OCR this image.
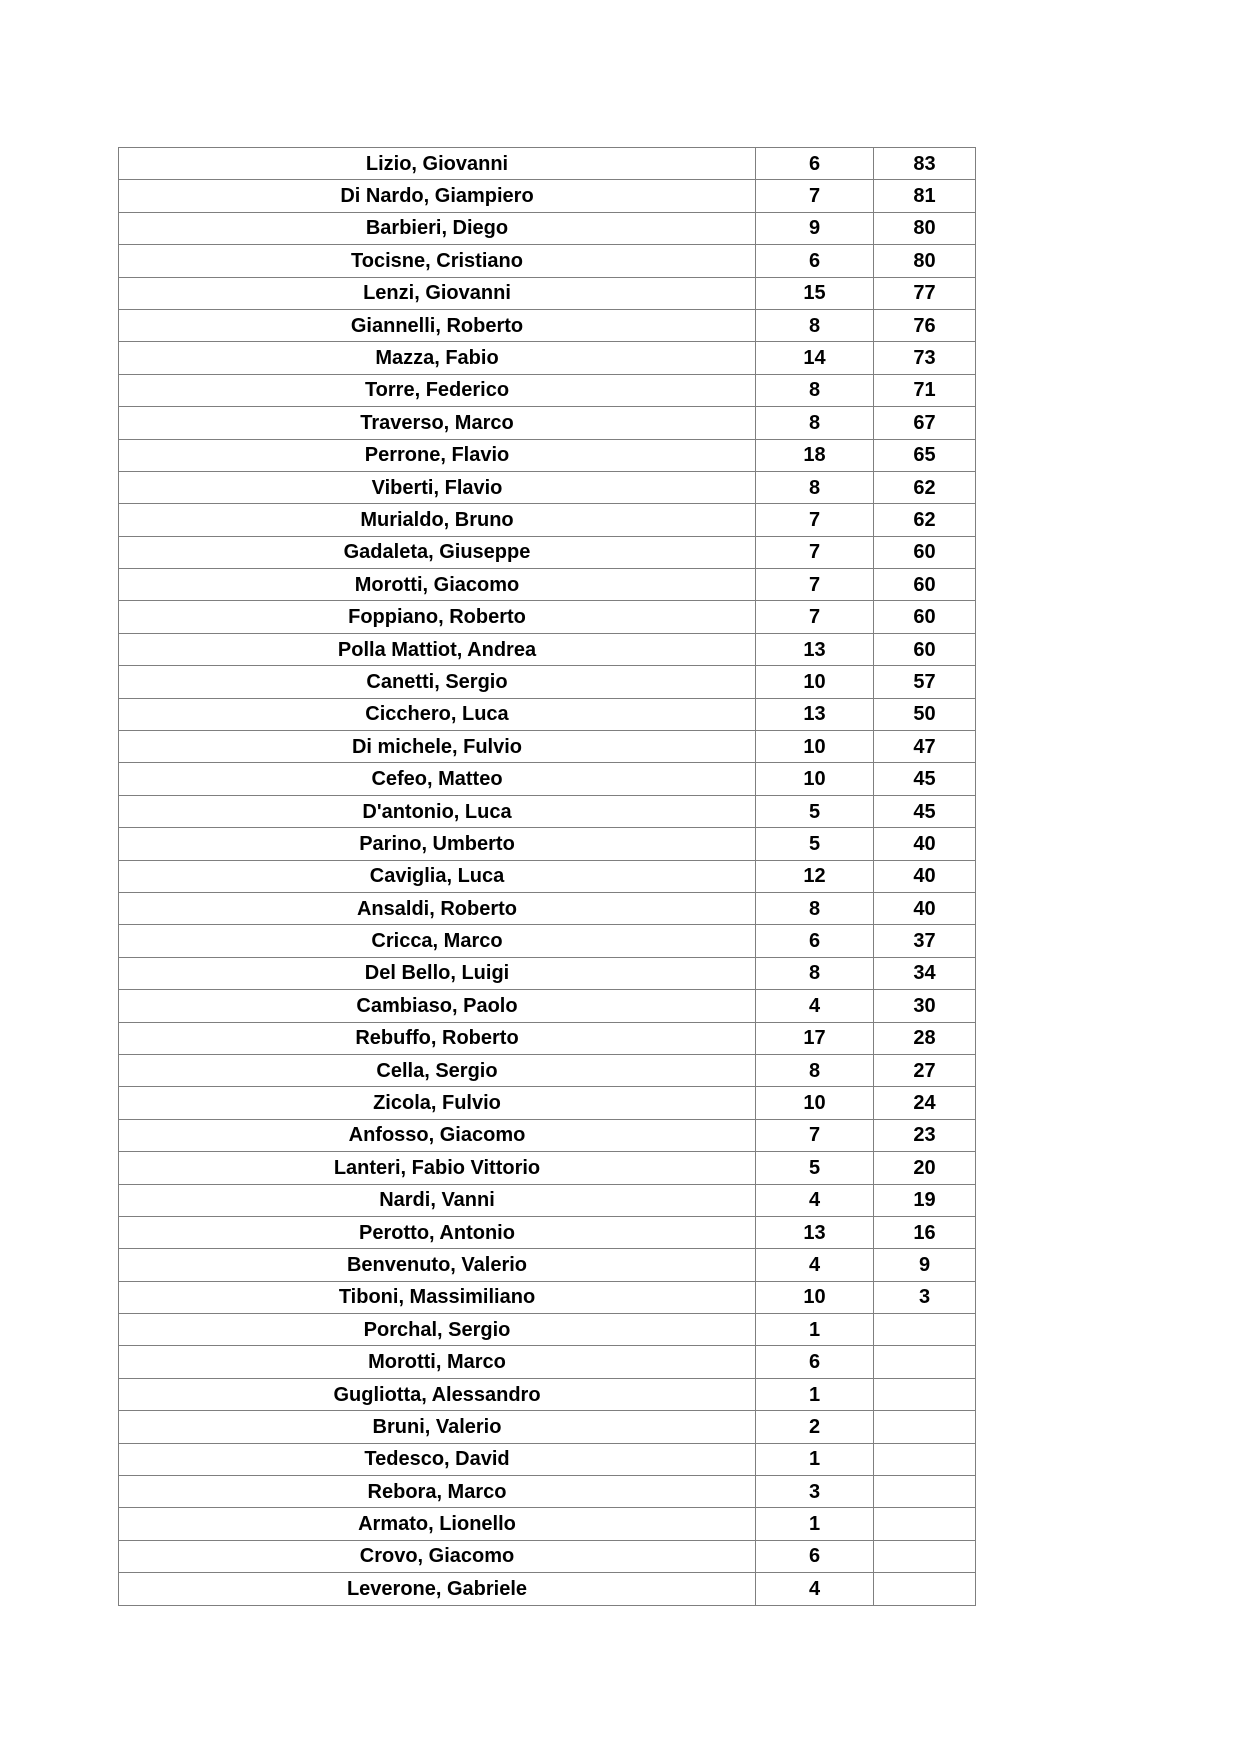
Lizio, Giovanni	6	83
Di Nardo, Giampiero	7	81
Barbieri, Diego	9	80
Tocisne, Cristiano	6	80
Lenzi, Giovanni	15	77
Giannelli, Roberto	8	76
Mazza, Fabio	14	73
Torre, Federico	8	71
Traverso, Marco	8	67
Perrone, Flavio	18	65
Viberti, Flavio	8	62
Murialdo, Bruno	7	62
Gadaleta, Giuseppe	7	60
Morotti, Giacomo	7	60
Foppiano, Roberto	7	60
Polla Mattiot, Andrea	13	60
Canetti, Sergio	10	57
Cicchero, Luca	13	50
Di michele, Fulvio	10	47
Cefeo, Matteo	10	45
D'antonio, Luca	5	45
Parino, Umberto	5	40
Caviglia, Luca	12	40
Ansaldi, Roberto	8	40
Cricca, Marco	6	37
Del Bello, Luigi	8	34
Cambiaso, Paolo	4	30
Rebuffo, Roberto	17	28
Cella, Sergio	8	27
Zicola, Fulvio	10	24
Anfosso, Giacomo	7	23
Lanteri, Fabio Vittorio	5	20
Nardi, Vanni	4	19
Perotto, Antonio	13	16
Benvenuto, Valerio	4	9
Tiboni, Massimiliano	10	3
Porchal, Sergio	1	
Morotti, Marco	6	
Gugliotta, Alessandro	1	
Bruni, Valerio	2	
Tedesco, David	1	
Rebora, Marco	3	
Armato, Lionello	1	
Crovo, Giacomo	6	
Leverone, Gabriele	4	
